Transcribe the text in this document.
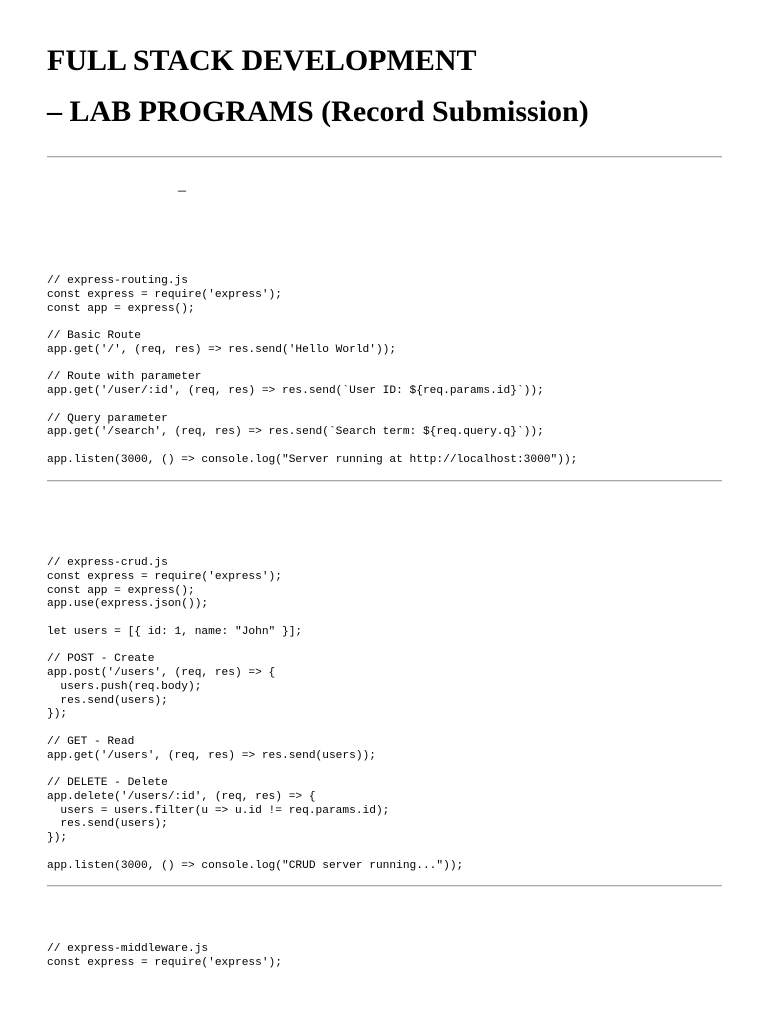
FULL STACK DEVELOPMENT
– LAB PROGRAMS (Record Submission)
–
// express-routing.js
const express = require('express');
const app = express();
// Basic Route
app.get('/', (req, res) => res.send('Hello World'));
// Route with parameter
app.get('/user/:id', (req, res) => res.send(`User ID: ${req.params.id}`));
// Query parameter
app.get('/search', (req, res) => res.send(`Search term: ${req.query.q}`));
app.listen(3000, () => console.log("Server running at http://localhost:3000"));
// express-crud.js
const express = require('express');
const app = express();
app.use(express.json());
let users = [{ id: 1, name: "John" }];
// POST - Create
app.post('/users', (req, res) => {
users.push(req.body);
res.send(users);
});
// GET - Read
app.get('/users', (req, res) => res.send(users));
// DELETE - Delete
app.delete('/users/:id', (req, res) => {
users = users.filter(u => u.id != req.params.id);
res.send(users);
});
app.listen(3000, () => console.log("CRUD server running..."));
// express-middleware.js
const express = require('express');
